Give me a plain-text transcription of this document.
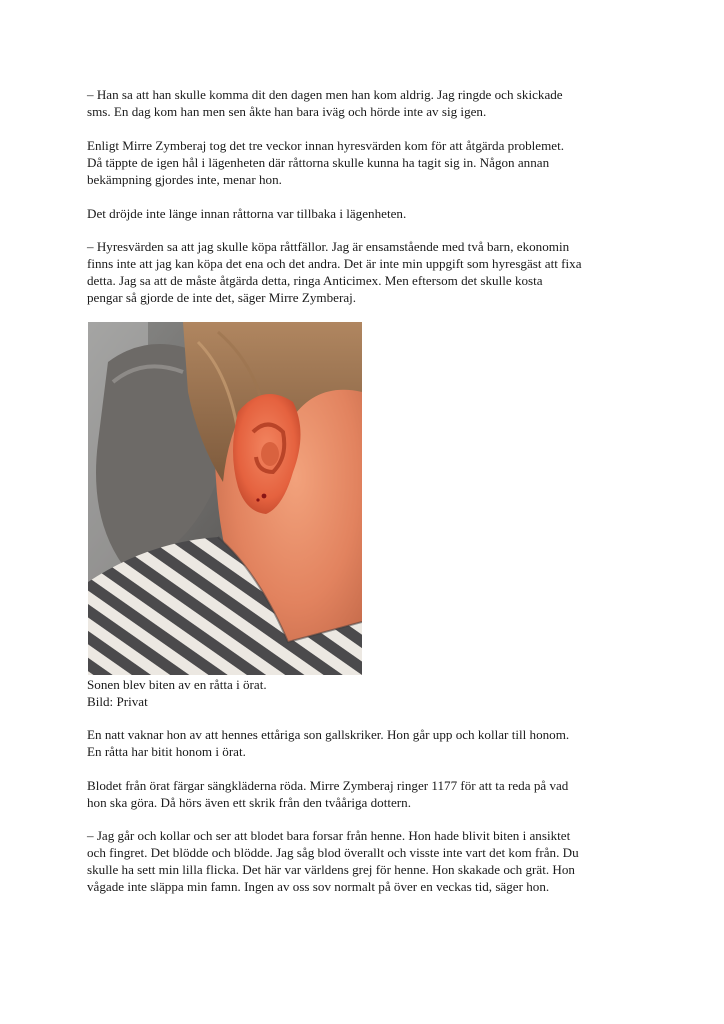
– Han sa att han skulle komma dit den dagen men han kom aldrig. Jag ringde och skickade
sms. En dag kom han men sen åkte han bara iväg och hörde inte av sig igen.

Enligt Mirre Zymberaj tog det tre veckor innan hyresvärden kom för att åtgärda problemet.
Då täppte de igen hål i lägenheten där råttorna skulle kunna ha tagit sig in. Någon annan
bekämpning gjordes inte, menar hon.

Det dröjde inte länge innan råttorna var tillbaka i lägenheten.

– Hyresvärden sa att jag skulle köpa råttfällor. Jag är ensamstående med två barn, ekonomin
finns inte att jag kan köpa det ena och det andra. Det är inte min uppgift som hyresgäst att fixa
detta. Jag sa att de måste åtgärda detta, ringa Anticimex. Men eftersom det skulle kosta
pengar så gjorde de inte det, säger Mirre Zymberaj.

Sonen blev biten av en råtta i örat.

Bild: Privat

En natt vaknar hon av att hennes ettåriga son gallskriker. Hon går upp och kollar till honom.
En råtta har bitit honom i örat.

Blodet från örat färgar sängkläderna röda. Mirre Zymberaj ringer 1177 för att ta reda på vad
hon ska göra. Då hörs även ett skrik från den tvååriga dottern.

– Jag går och kollar och ser att blodet bara forsar från henne. Hon hade blivit biten i ansiktet
och fingret. Det blödde och blödde. Jag såg blod överallt och visste inte vart det kom från. Du
skulle ha sett min lilla flicka. Det här var världens grej för henne. Hon skakade och grät. Hon
vågade inte släppa min famn. Ingen av oss sov normalt på över en veckas tid, säger hon.
